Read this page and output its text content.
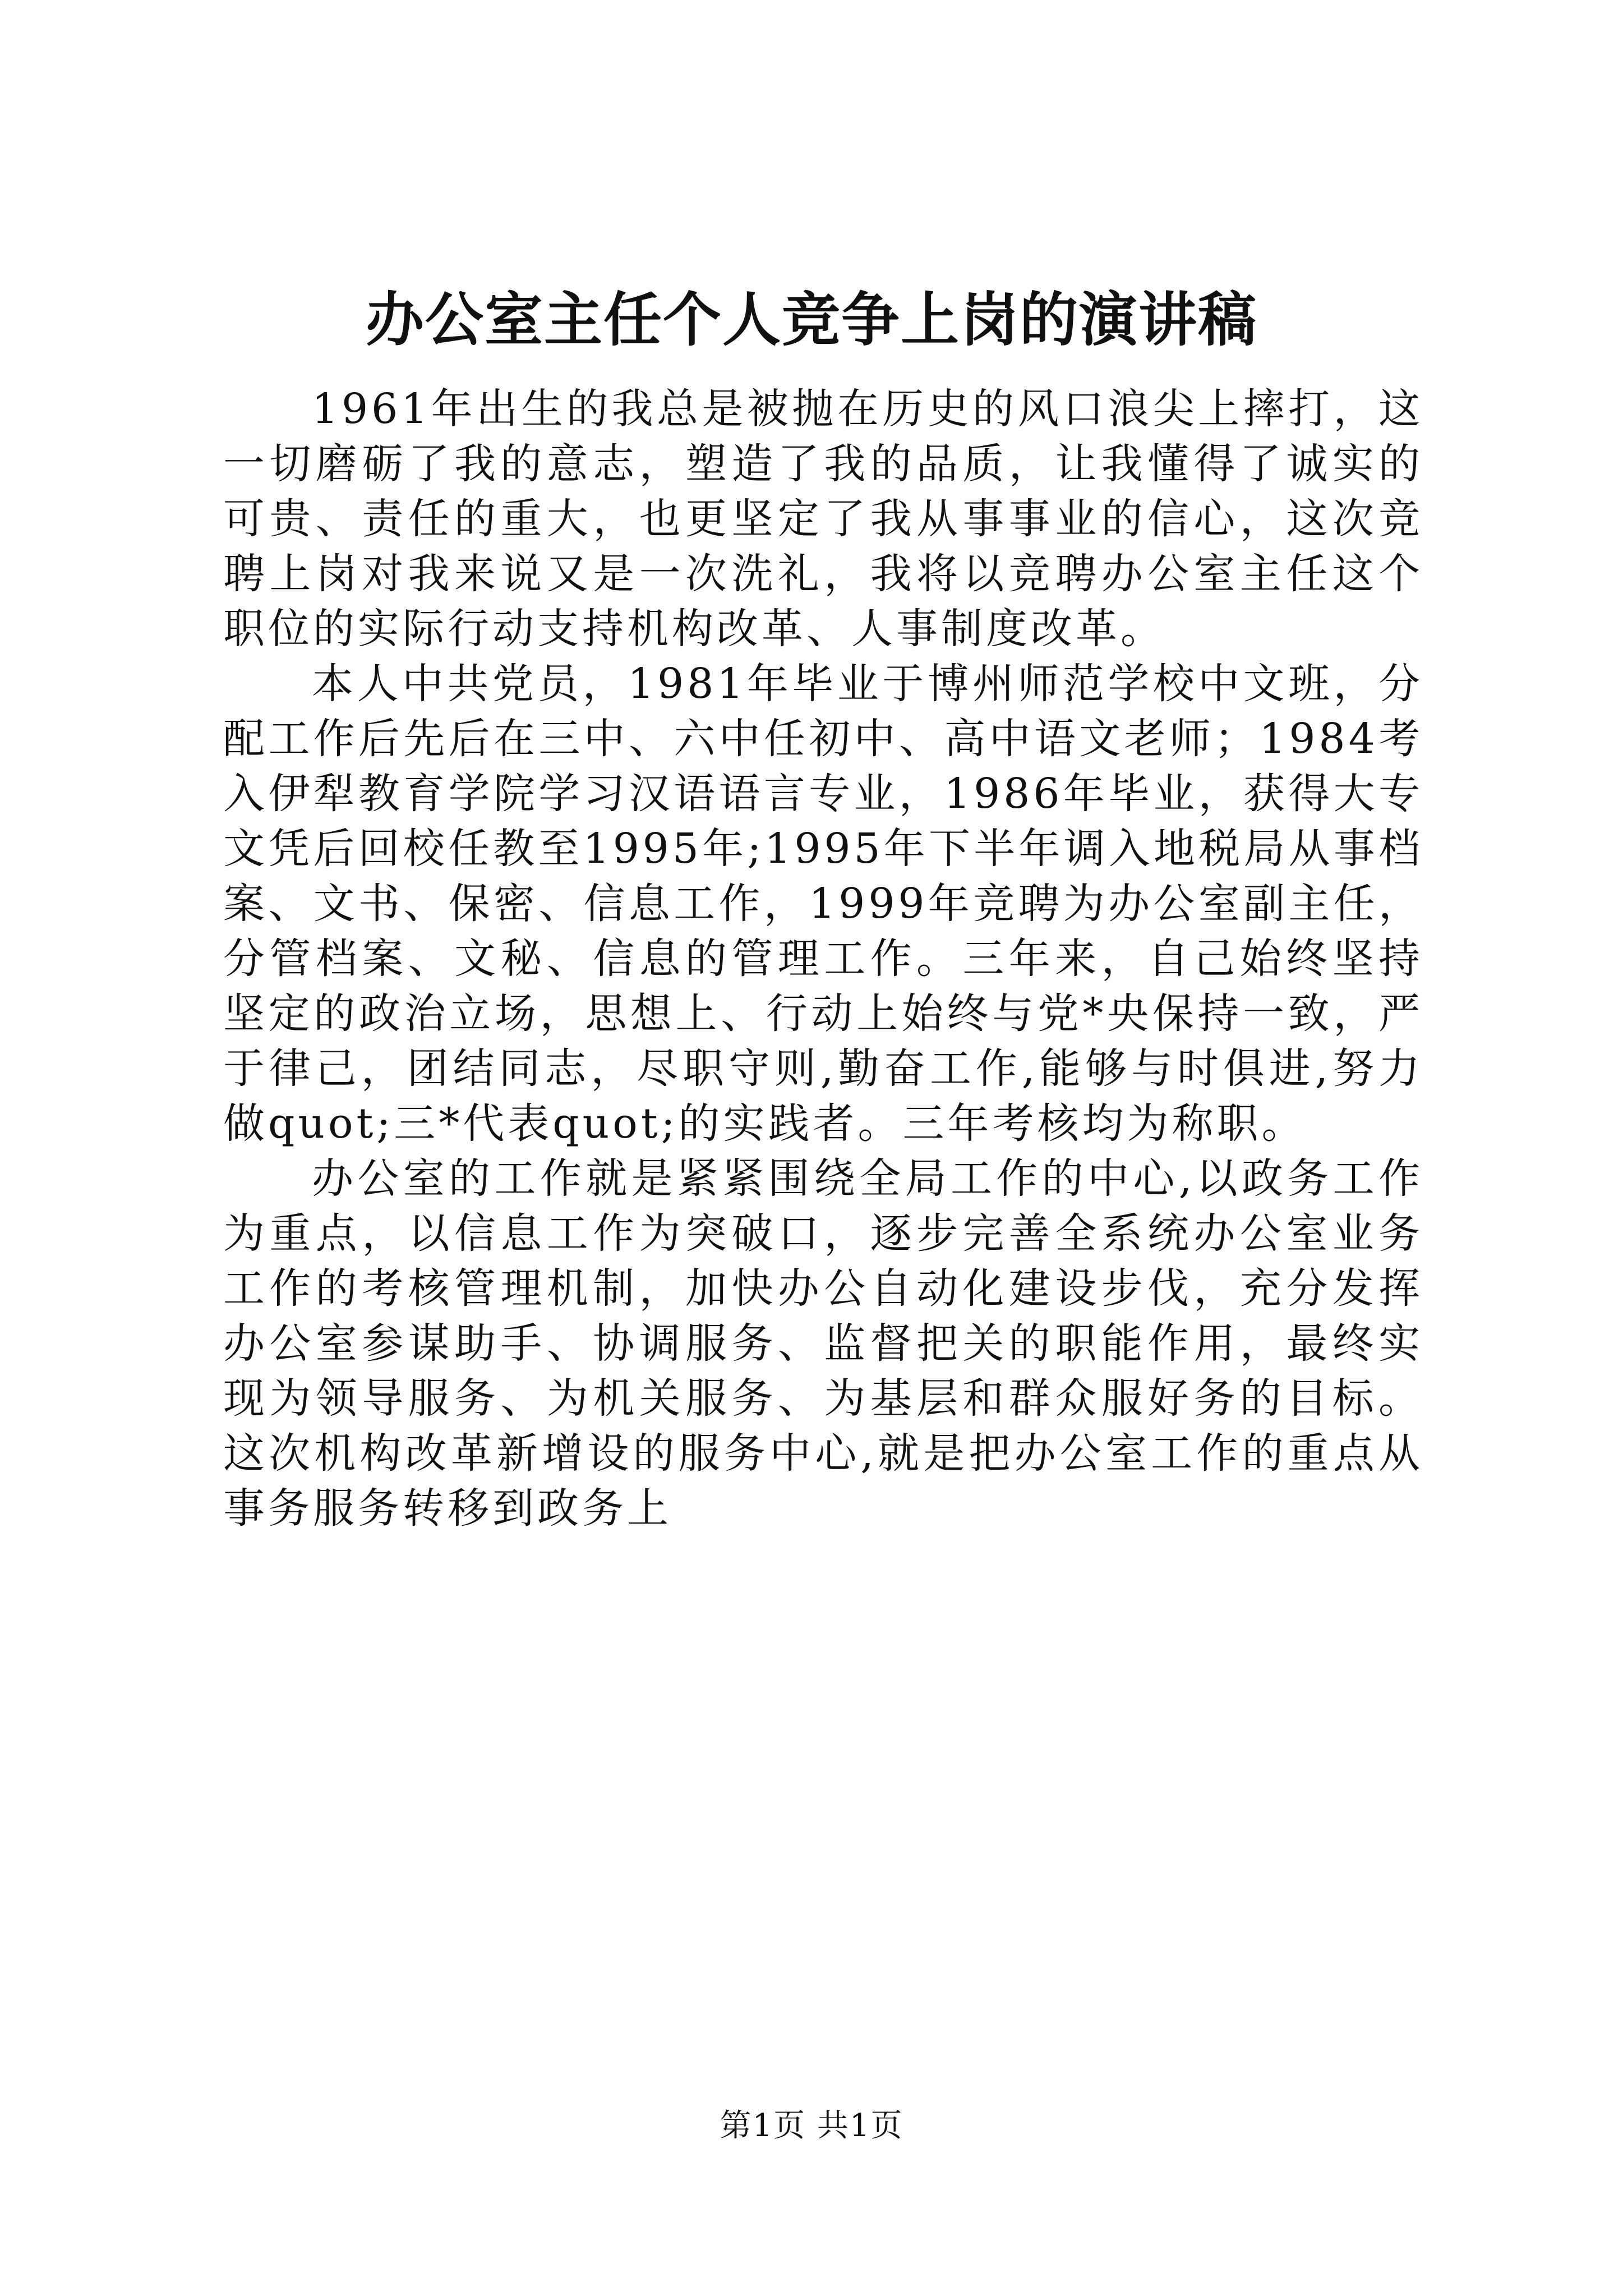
办公室主任个人竞争上岗的演讲稿

1961年出生的我总是被抛在历史的风口浪尖上摔打，这一切磨砺了我的意志，塑造了我的品质，让我懂得了诚实的可贵、责任的重大，也更坚定了我从事事业的信心，这次竞聘上岗对我来说又是一次洗礼，我将以竞聘办公室主任这个职位的实际行动支持机构改革、人事制度改革。

本人中共党员，1981年毕业于博州师范学校中文班，分配工作后先后在三中、六中任初中、高中语文老师；1984考入伊犁教育学院学习汉语语言专业，1986年毕业，获得大专文凭后回校任教至1995年;1995年下半年调入地税局从事档案、文书、保密、信息工作，1999年竞聘为办公室副主任，分管档案、文秘、信息的管理工作。三年来，自己始终坚持坚定的政治立场，思想上、行动上始终与党*央保持一致，严于律己，团结同志，尽职守则,勤奋工作,能够与时俱进,努力做quot;三*代表quot;的实践者。三年考核均为称职。

办公室的工作就是紧紧围绕全局工作的中心,以政务工作为重点，以信息工作为突破口，逐步完善全系统办公室业务工作的考核管理机制，加快办公自动化建设步伐，充分发挥办公室参谋助手、协调服务、监督把关的职能作用，最终实现为领导服务、为机关服务、为基层和群众服好务的目标。这次机构改革新增设的服务中心,就是把办公室工作的重点从事务服务转移到政务上

第1页 共1页
